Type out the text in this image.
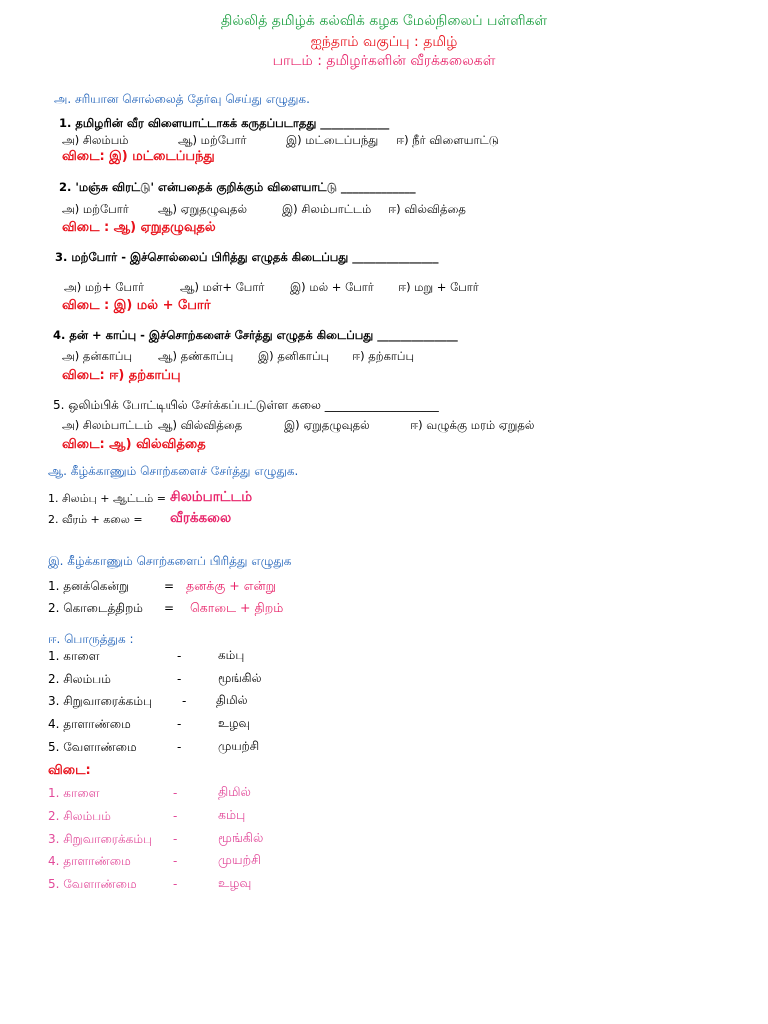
தில்லித் தமிழ்க் கல்விக் கழக மேல்நிலைப் பள்ளிகள்
ஐந்தாம் வகுப்பு : தமிழ்
பாடம் : தமிழர்களின் வீரக்கலைகள்
அ. சரியான சொல்லைத் தேர்வு செய்து எழுதுக.
1. தமிழரின் வீர விளையாட்டாகக் கருதப்படாதது ____________
அ) சிலம்பம்	ஆ) மற்போர்	இ) மட்டைப்பந்து ஈ) நீர் விளையாட்டு
விடை: இ) மட்டைப்பந்து
2. 'மஞ்சு விரட்டு' என்பதைக் குறிக்கும் விளையாட்டு _____________
அ) மற்போர்	ஆ) ஏறுதழுவுதல்	இ) சிலம்பாட்டம் ஈ) வில்வித்தை
விடை : ஆ) ஏறுதழுவுதல்
3. மற்போர் - இச்சொல்லைப் பிரித்து எழுதக் கிடைப்பது _______________
அ) மற்+ போர்	ஆ) மள்+ போர் இ) மல் + போர் ஈ) மறு + போர்
விடை : இ) மல் + போர்
4. தன் + காப்பு - இச்சொற்களைச் சேர்த்து எழுதக் கிடைப்பது ______________
அ) தன்காப்பு ஆ) தண்காப்பு இ) தனிகாப்பு ஈ) தற்காப்பு
விடை: ஈ) தற்காப்பு
5. ஒலிம்பிக் போட்டியில் சேர்க்கப்பட்டுள்ள கலை ___________________
அ) சிலம்பாட்டம் ஆ) வில்வித்தை	இ) ஏறுதழுவுதல்	ஈ) வழுக்கு மரம் ஏறுதல்
விடை: ஆ) வில்வித்தை
ஆ. கீழ்க்காணும் சொற்களைச் சேர்த்து எழுதுக.
1. சிலம்பு + ஆட்டம் = சிலம்பாட்டம்
2. வீரம் + கலை = வீரக்கலை
இ. கீழ்க்காணும் சொற்களைப் பிரித்து எழுதுக
1. தனக்கென்று	= தனக்கு + என்று
2. கொடைத்திறம் = கொடை + திறம்
ஈ. பொருத்துக :
1. காளை	-	கம்பு
2. சிலம்பம்	-	மூங்கில்
3. சிறுவாரைக்கம்பு	- திமில்
4. தாளாண்மை	-	உழவு
5. வேளாண்மை	-	முயற்சி
விடை:
1. காளை	-	திமில்
2. சிலம்பம்	-	கம்பு
3. சிறுவாரைக்கம்பு -	மூங்கில்
4. தாளாண்மை	-	முயற்சி
5. வேளாண்மை	-	உழவு
